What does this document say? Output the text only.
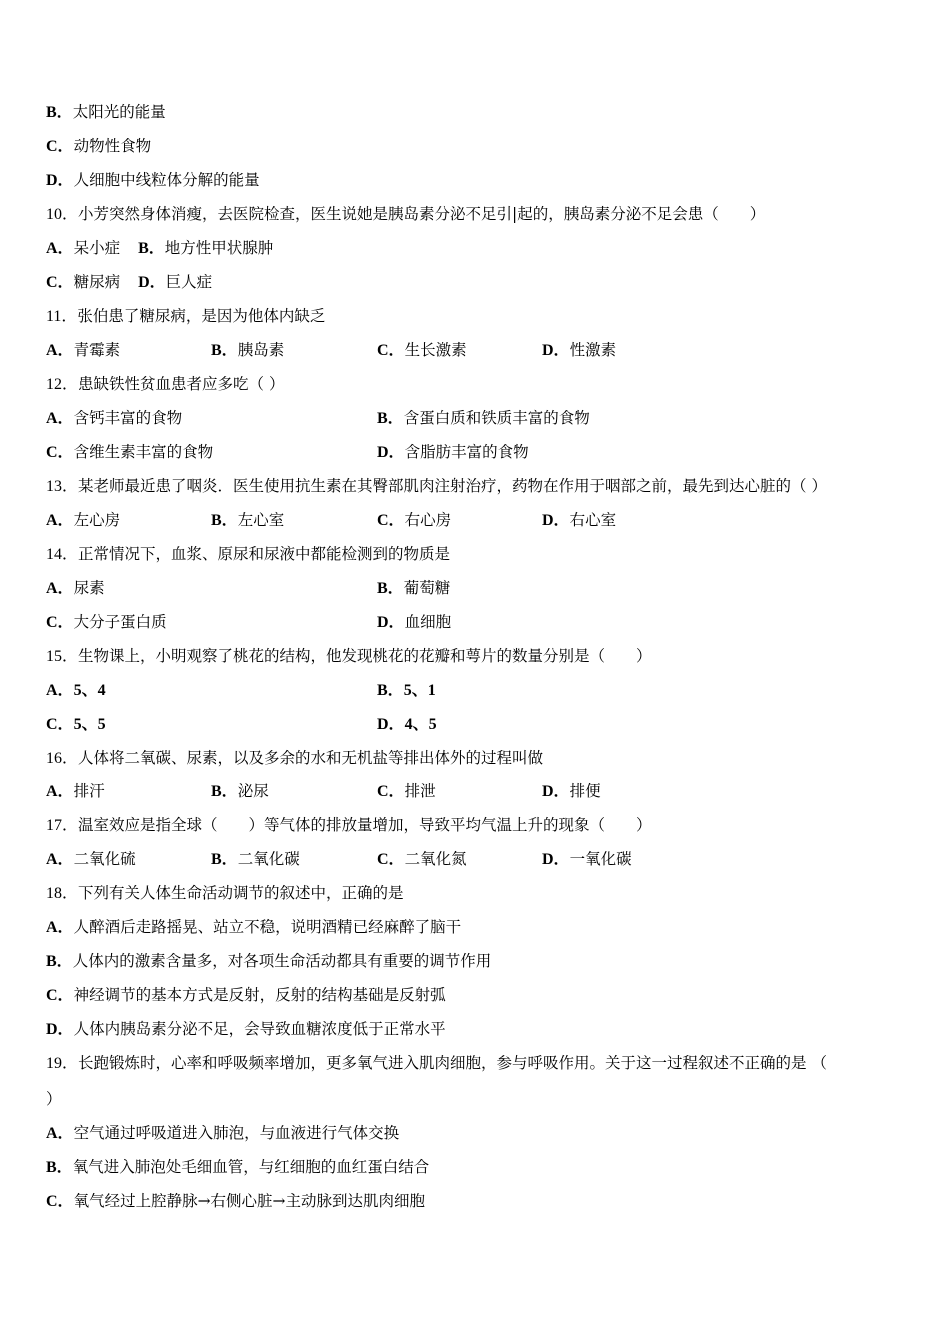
B．太阳光的能量
C．动物性食物
D．人细胞中线粒体分解的能量
10．小芳突然身体消瘦，去医院检查，医生说她是胰岛素分泌不足引|起的，胰岛素分泌不足会患（　　）
A．呆小症 B．地方性甲状腺肿
C．糖尿病 D．巨人症
11．张伯患了糖尿病，是因为他体内缺乏
A．青霉素	B．胰岛素	C．生长激素	D．性激素
12．患缺铁性贫血患者应多吃（ ）
A．含钙丰富的食物	B．含蛋白质和铁质丰富的食物
C．含维生素丰富的食物	D．含脂肪丰富的食物
13．某老师最近患了咽炎．医生使用抗生素在其臀部肌肉注射治疗，药物在作用于咽部之前，最先到达心脏的（ ）
A．左心房	B．左心室	C．右心房	D．右心室
14．正常情况下，血浆、原尿和尿液中都能检测到的物质是
A．尿素	B．葡萄糖
C．大分子蛋白质	D．血细胞
15．生物课上，小明观察了桃花的结构，他发现桃花的花瓣和萼片的数量分别是（　　）
A．5、4	B．5、1
C．5、5	D．4、5
16．人体将二氧碳、尿素，以及多余的水和无机盐等排出体外的过程叫做
A．排汗	B．泌尿	C．排泄	D．排便
17．温室效应是指全球（　　）等气体的排放量增加，导致平均气温上升的现象（　　）
A．二氧化硫	B．二氧化碳	C．二氧化氮	D．一氧化碳
18．下列有关人体生命活动调节的叙述中，正确的是
A．人醉酒后走路摇晃、站立不稳，说明酒精已经麻醉了脑干
B．人体内的激素含量多，对各项生命活动都具有重要的调节作用
C．神经调节的基本方式是反射，反射的结构基础是反射弧
D．人体内胰岛素分泌不足，会导致血糖浓度低于正常水平
19．长跑锻炼时，心率和呼吸频率增加，更多氧气进入肌肉细胞，参与呼吸作用。关于这一过程叙述不正确的是 （
）
A．空气通过呼吸道进入肺泡，与血液进行气体交换
B．氧气进入肺泡处毛细血管，与红细胞的血红蛋白结合
C．氧气经过上腔静脉→右侧心脏→主动脉到达肌肉细胞
